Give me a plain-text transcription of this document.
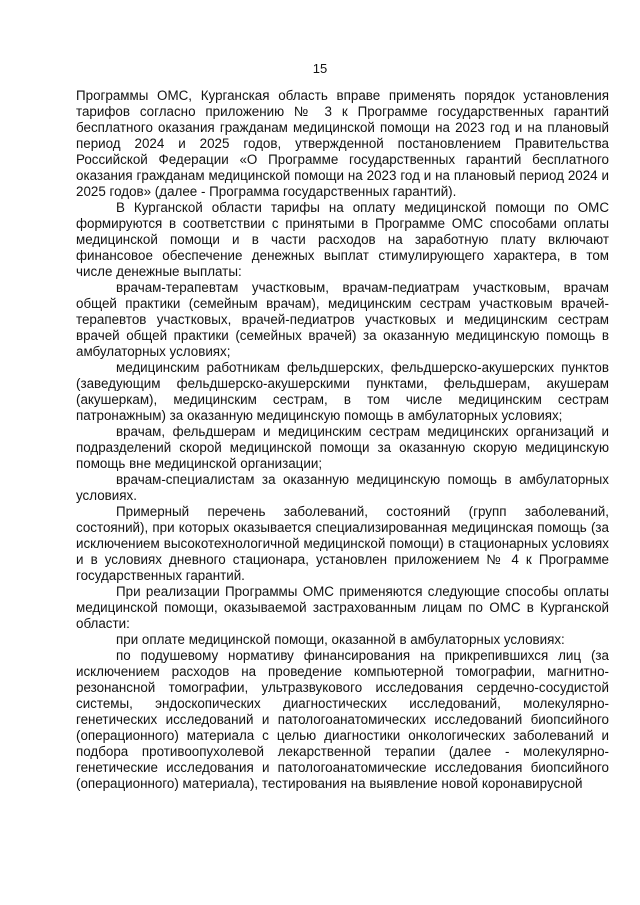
15

Программы ОМС, Курганская область вправе применять порядок установления тарифов согласно приложению № 3 к Программе государственных гарантий бесплатного оказания гражданам медицинской помощи на 2023 год и на плановый период 2024 и 2025 годов, утвержденной постановлением Правительства Российской Федерации «О Программе государственных гарантий бесплатного оказания гражданам медицинской помощи на 2023 год и на плановый период 2024 и 2025 годов» (далее - Программа государственных гарантий).

В Курганской области тарифы на оплату медицинской помощи по ОМС формируются в соответствии с принятыми в Программе ОМС способами оплаты медицинской помощи и в части расходов на заработную плату включают финансовое обеспечение денежных выплат стимулирующего характера, в том числе денежные выплаты:

врачам-терапевтам участковым, врачам-педиатрам участковым, врачам общей практики (семейным врачам), медицинским сестрам участковым врачей-терапевтов участковых, врачей-педиатров участковых и медицинским сестрам врачей общей практики (семейных врачей) за оказанную медицинскую помощь в амбулаторных условиях;

медицинским работникам фельдшерских, фельдшерско-акушерских пунктов (заведующим фельдшерско-акушерскими пунктами, фельдшерам, акушерам (акушеркам), медицинским сестрам, в том числе медицинским сестрам патронажным) за оказанную медицинскую помощь в амбулаторных условиях;

врачам, фельдшерам и медицинским сестрам медицинских организаций и подразделений скорой медицинской помощи за оказанную скорую медицинскую помощь вне медицинской организации;

врачам-специалистам за оказанную медицинскую помощь в амбулаторных условиях.

Примерный перечень заболеваний, состояний (групп заболеваний, состояний), при которых оказывается специализированная медицинская помощь (за исключением высокотехнологичной медицинской помощи) в стационарных условиях и в условиях дневного стационара, установлен приложением № 4 к Программе государственных гарантий.

При реализации Программы ОМС применяются следующие способы оплаты медицинской помощи, оказываемой застрахованным лицам по ОМС в Курганской области:

при оплате медицинской помощи, оказанной в амбулаторных условиях:

по подушевому нормативу финансирования на прикрепившихся лиц (за исключением расходов на проведение компьютерной томографии, магнитно-резонансной томографии, ультразвукового исследования сердечно-сосудистой системы, эндоскопических диагностических исследований, молекулярно-генетических исследований и патологоанатомических исследований биопсийного (операционного) материала с целью диагностики онкологических заболеваний и подбора противоопухолевой лекарственной терапии (далее - молекулярно-генетические исследования и патологоанатомические исследования биопсийного (операционного) материала), тестирования на выявление новой коронавирусной
